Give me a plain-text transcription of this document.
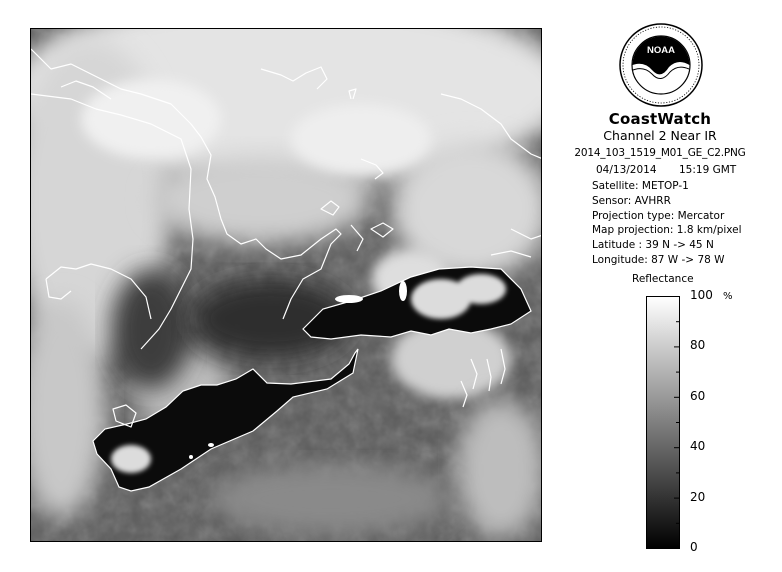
NOAA
CoastWatch
Channel 2 Near IR
2014_103_1519_M01_GE_C2.PNG
04/13/2014 15:19 GMT
Satellite: METOP-1
Sensor: AVHRR
Projection type: Mercator
Map projection: 1.8 km/pixel
Latitude : 39 N -> 45 N
Longitude: 87 W -> 78 W
Reflectance
%
100
80
60
40
20
0
